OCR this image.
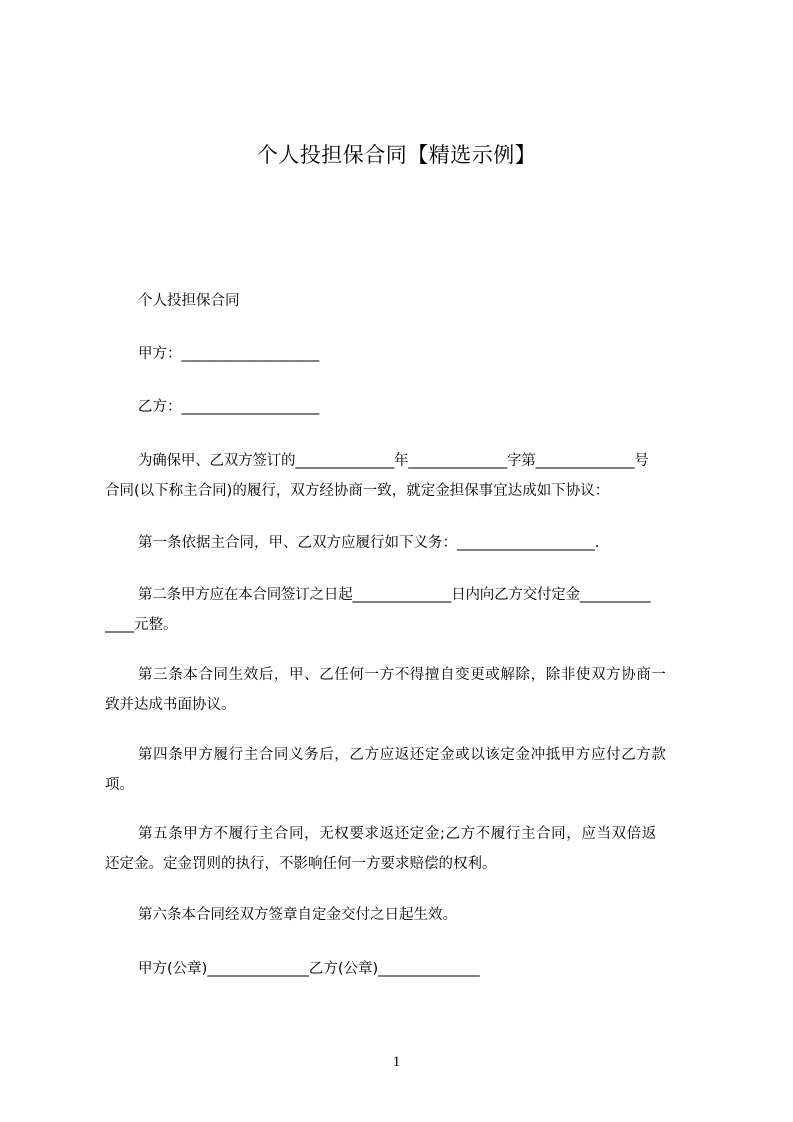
个人投担保合同【精选示例】
个人投担保合同
甲方：___________________
乙方：___________________
为确保甲、乙双方签订的______________年______________字第______________号
合同(以下称主合同)的履行，双方经协商一致，就定金担保事宜达成如下协议：
第一条依据主合同，甲、乙双方应履行如下义务：___________________.
第二条甲方应在本合同签订之日起______________日内向乙方交付定金__________
____元整。
第三条本合同生效后，甲、乙任何一方不得擅自变更或解除，除非使双方协商一
致并达成书面协议。
第四条甲方履行主合同义务后，乙方应返还定金或以该定金冲抵甲方应付乙方款
项。
第五条甲方不履行主合同，无权要求返还定金;乙方不履行主合同，应当双倍返
还定金。定金罚则的执行，不影响任何一方要求赔偿的权利。
第六条本合同经双方签章自定金交付之日起生效。
甲方(公章)______________乙方(公章)______________
1
